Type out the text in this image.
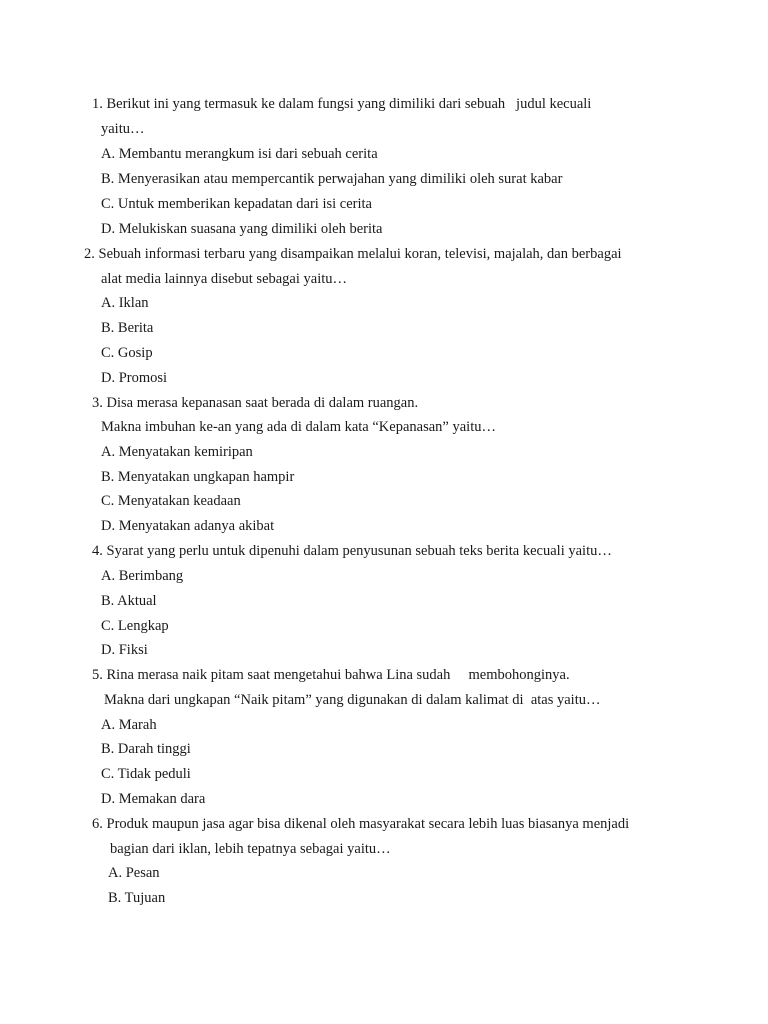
1. Berikut ini yang termasuk ke dalam fungsi yang dimiliki dari sebuah   judul kecuali
yaitu…
A. Membantu merangkum isi dari sebuah cerita
B. Menyerasikan atau mempercantik perwajahan yang dimiliki oleh surat kabar
C. Untuk memberikan kepadatan dari isi cerita
D. Melukiskan suasana yang dimiliki oleh berita
2. Sebuah informasi terbaru yang disampaikan melalui koran, televisi, majalah, dan berbagai
alat media lainnya disebut sebagai yaitu…
A. Iklan
B. Berita
C. Gosip
D. Promosi
3. Disa merasa kepanasan saat berada di dalam ruangan.
Makna imbuhan ke-an yang ada di dalam kata “Kepanasan” yaitu…
A. Menyatakan kemiripan
B. Menyatakan ungkapan hampir
C. Menyatakan keadaan
D. Menyatakan adanya akibat
4. Syarat yang perlu untuk dipenuhi dalam penyusunan sebuah teks berita kecuali yaitu…
A. Berimbang
B. Aktual
C. Lengkap
D. Fiksi
5. Rina merasa naik pitam saat mengetahui bahwa Lina sudah     membohonginya.
Makna dari ungkapan “Naik pitam” yang digunakan di dalam kalimat di  atas yaitu…
A. Marah
B. Darah tinggi
C. Tidak peduli
D. Memakan dara
6. Produk maupun jasa agar bisa dikenal oleh masyarakat secara lebih luas biasanya menjadi
bagian dari iklan, lebih tepatnya sebagai yaitu…
A. Pesan
B. Tujuan
